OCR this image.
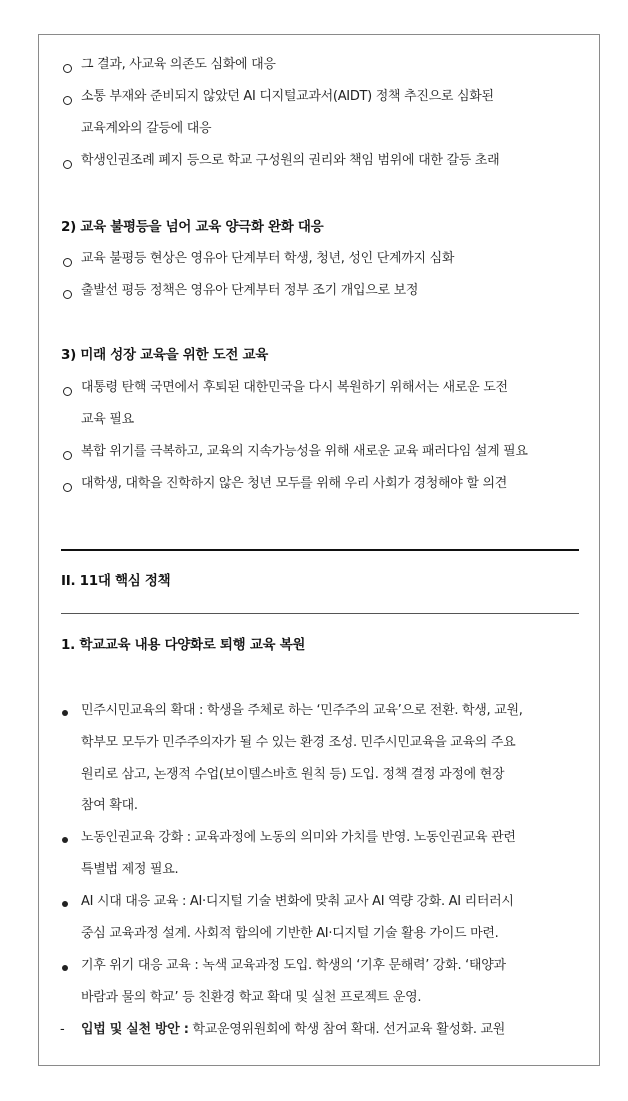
그 결과, 사교육 의존도 심화에 대응
소통 부재와 준비되지 않았던 AI 디지털교과서(AIDT) 정책 추진으로 심화된
교육계와의 갈등에 대응
학생인권조례 폐지 등으로 학교 구성원의 권리와 책임 범위에 대한 갈등 초래
2) 교육 불평등을 넘어 교육 양극화 완화 대응
교육 불평등 현상은 영유아 단계부터 학생, 청년, 성인 단계까지 심화
출발선 평등 정책은 영유아 단계부터 정부 조기 개입으로 보정
3) 미래 성장 교육을 위한 도전 교육
대통령 탄핵 국면에서 후퇴된 대한민국을 다시 복원하기 위해서는 새로운 도전
교육 필요
복합 위기를 극복하고, 교육의 지속가능성을 위해 새로운 교육 패러다임 설계 필요
대학생, 대학을 진학하지 않은 청년 모두를 위해 우리 사회가 경청해야 할 의견
II. 11대 핵심 정책
1. 학교교육 내용 다양화로 퇴행 교육 복원
민주시민교육의 확대 : 학생을 주체로 하는 ‘민주주의 교육’으로 전환. 학생, 교원,
학부모 모두가 민주주의자가 될 수 있는 환경 조성. 민주시민교육을 교육의 주요
원리로 삼고, 논쟁적 수업(보이텔스바흐 원칙 등) 도입. 정책 결정 과정에 현장
참여 확대.
노동인권교육 강화 : 교육과정에 노동의 의미와 가치를 반영. 노동인권교육 관련
특별법 제정 필요.
AI 시대 대응 교육 : AI·디지털 기술 변화에 맞춰 교사 AI 역량 강화. AI 리터러시
중심 교육과정 설계. 사회적 합의에 기반한 AI·디지털 기술 활용 가이드 마련.
기후 위기 대응 교육 : 녹색 교육과정 도입. 학생의 ‘기후 문해력’ 강화. ‘태양과
바람과 물의 학교’ 등 친환경 학교 확대 및 실천 프로젝트 운영.
- 입법 및 실천 방안 : 학교운영위원회에 학생 참여 확대. 선거교육 활성화. 교원
